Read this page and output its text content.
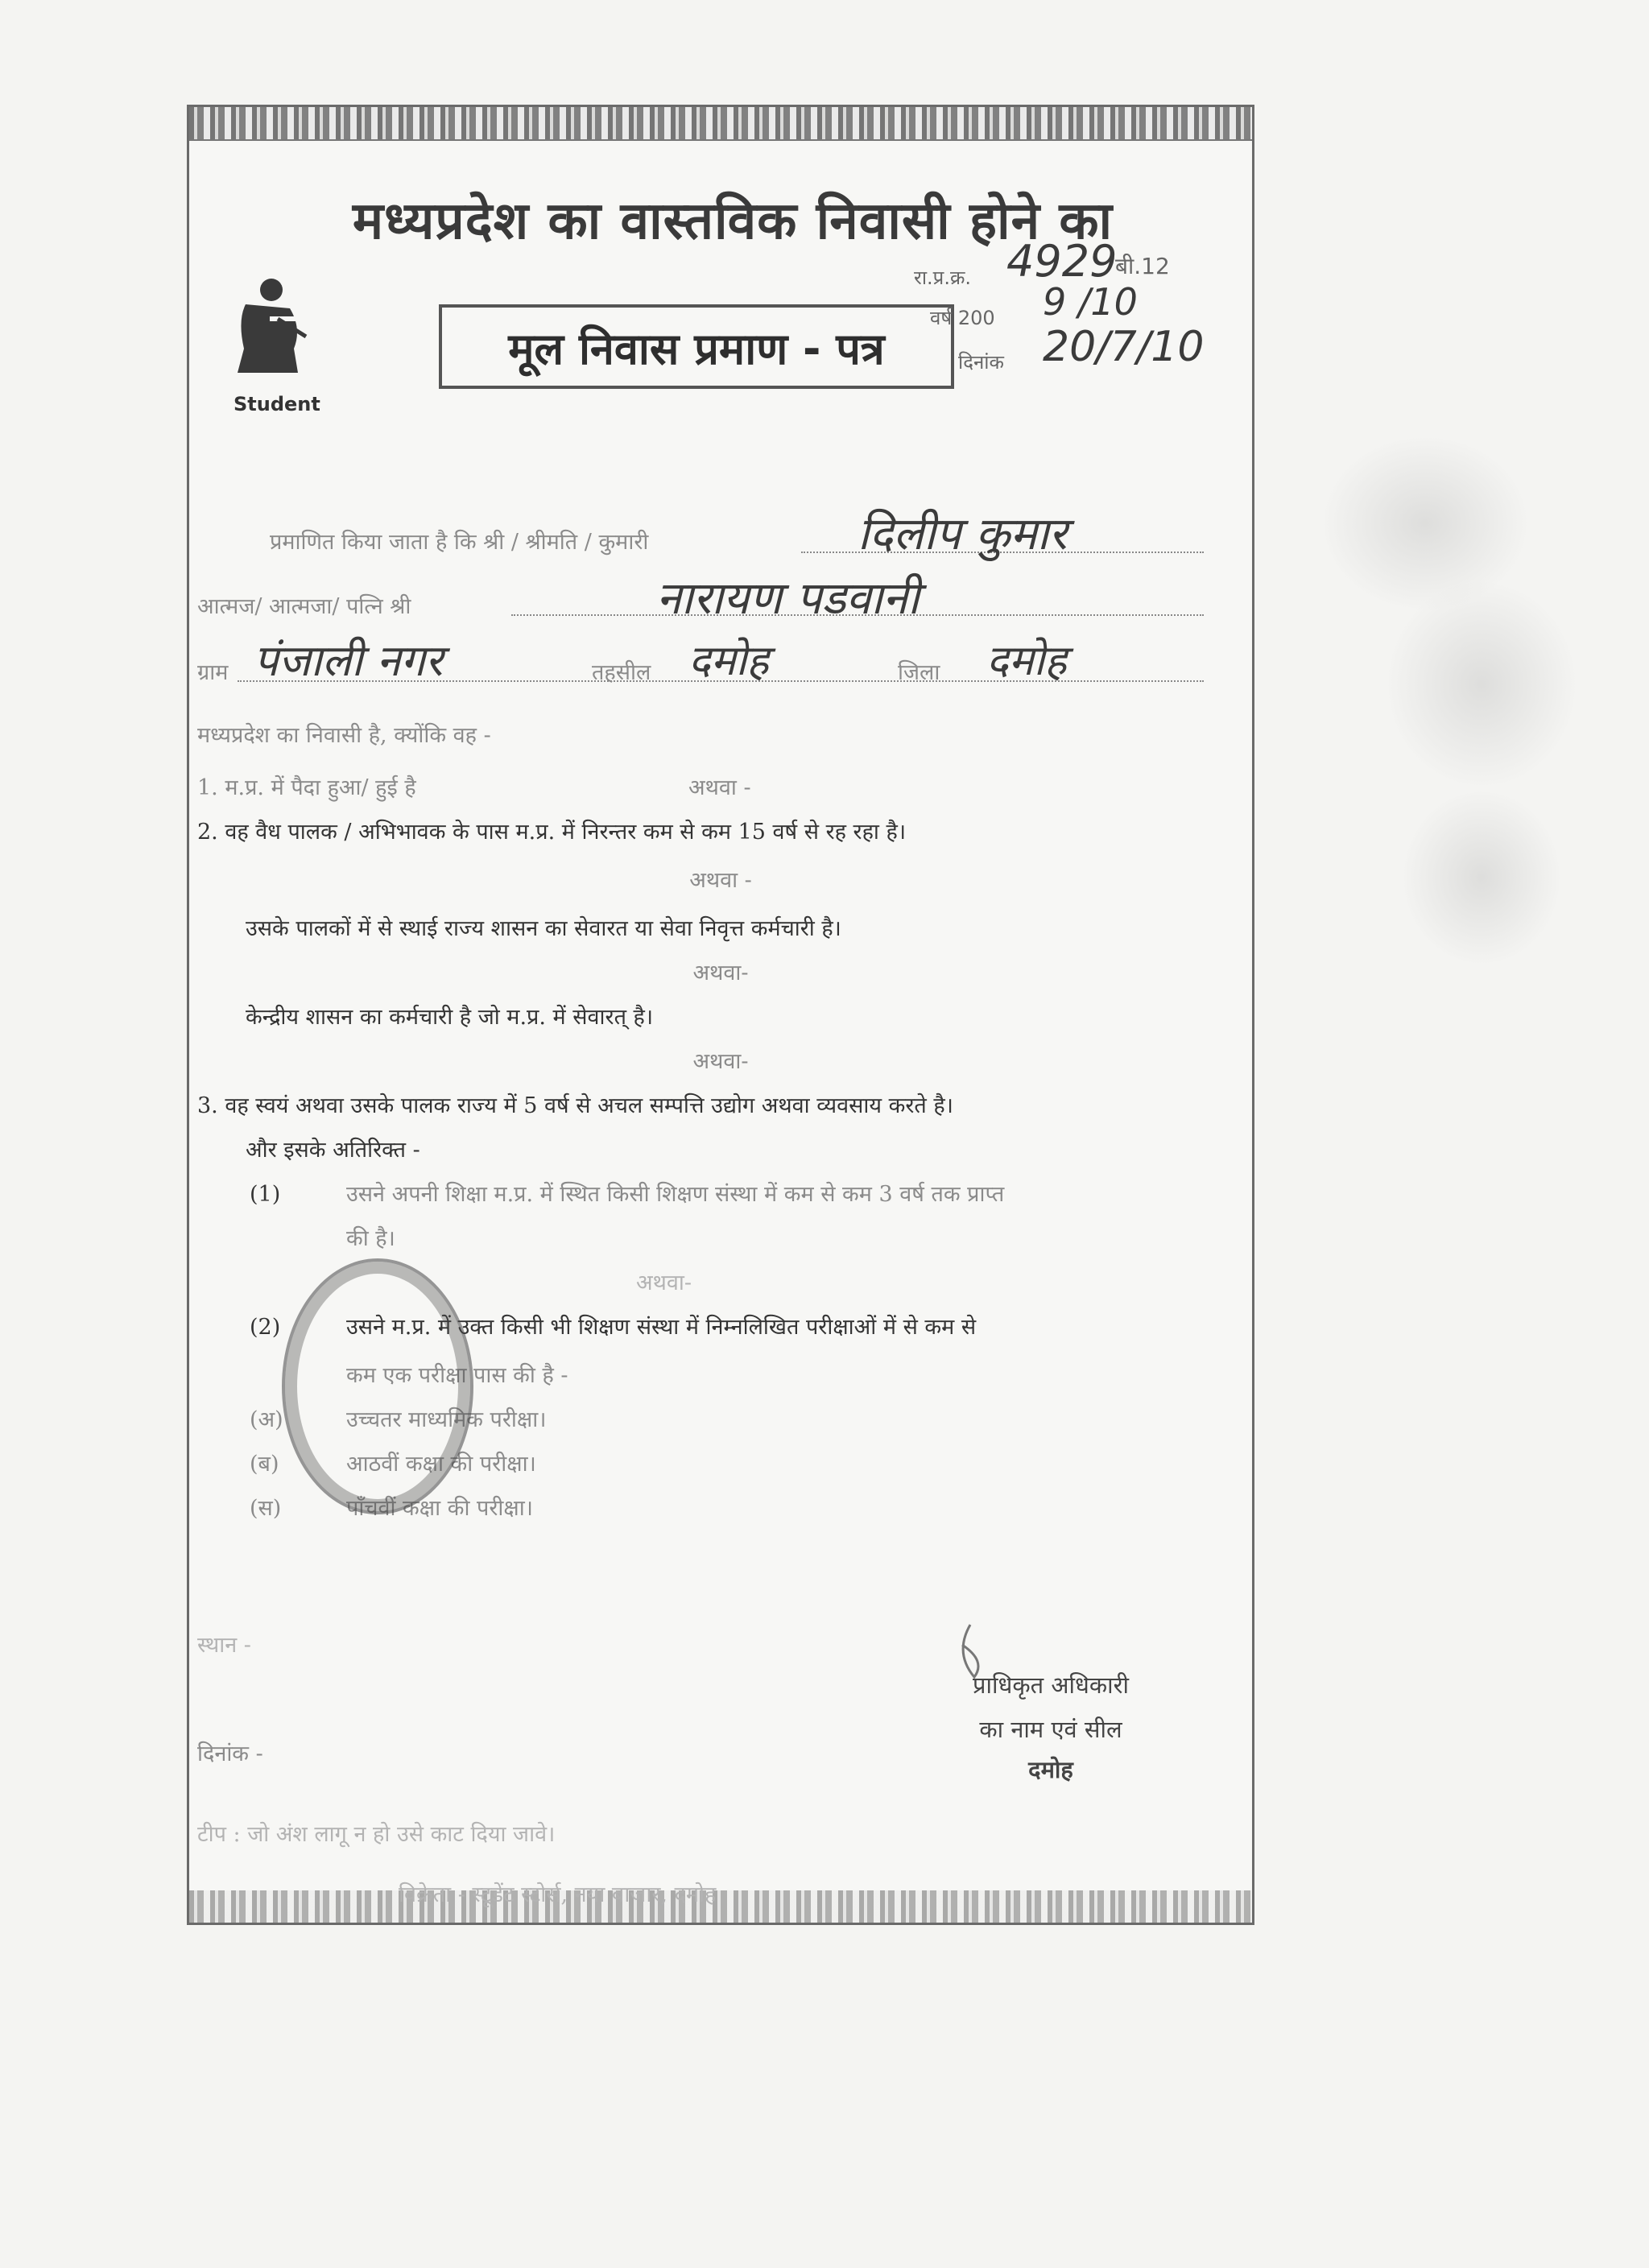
मध्यप्रदेश का वास्तविक निवासी होने का
Student
मूल निवास प्रमाण - पत्र
रा.प्र.क्र. 4929
बी.12
वर्ष 200 9 /10
दिनांक 20/7/10
प्रमाणित किया जाता है कि श्री / श्रीमति / कुमारी	दिलीप कुमार
आत्मज/ आत्मजा/ पत्नि श्री	नारायण पडवानी
ग्राम पंजाली नगर	तहसील दमोह	जिला दमोह
मध्यप्रदेश का निवासी है, क्योंकि वह -
1. म.प्र. में पैदा हुआ/ हुई है	अथवा -
2. वह वैध पालक / अभिभावक के पास म.प्र. में निरन्तर कम से कम 15 वर्ष से रह रहा है।
अथवा -
उसके पालकों में से स्थाई राज्य शासन का सेवारत या सेवा निवृत्त कर्मचारी है।
अथवा-
केन्द्रीय शासन का कर्मचारी है जो म.प्र. में सेवारत् है।
अथवा-
3. वह स्वयं अथवा उसके पालक राज्य में 5 वर्ष से अचल सम्पत्ति उद्योग अथवा व्यवसाय करते है।
और इसके अतिरिक्त -
(1)	उसने अपनी शिक्षा म.प्र. में स्थित किसी शिक्षण संस्था में कम से कम 3 वर्ष तक प्राप्त
की है।
अथवा-
(2)	उसने म.प्र. में उक्त किसी भी शिक्षण संस्था में निम्नलिखित परीक्षाओं में से कम से
कम एक परीक्षा पास की है -
(अ)	उच्चतर माध्यमिक परीक्षा।
(ब)	आठवीं कक्षा की परीक्षा।
(स)	पाँचवीं कक्षा की परीक्षा।
स्थान -
दिनांक -
प्राधिकृत अधिकारी
का नाम एवं सील
दमोह
टीप : जो अंश लागू न हो उसे काट दिया जावे।
विक्रेता - स्टूडेंट स्टोर्स, नया बाजार, दमोह
